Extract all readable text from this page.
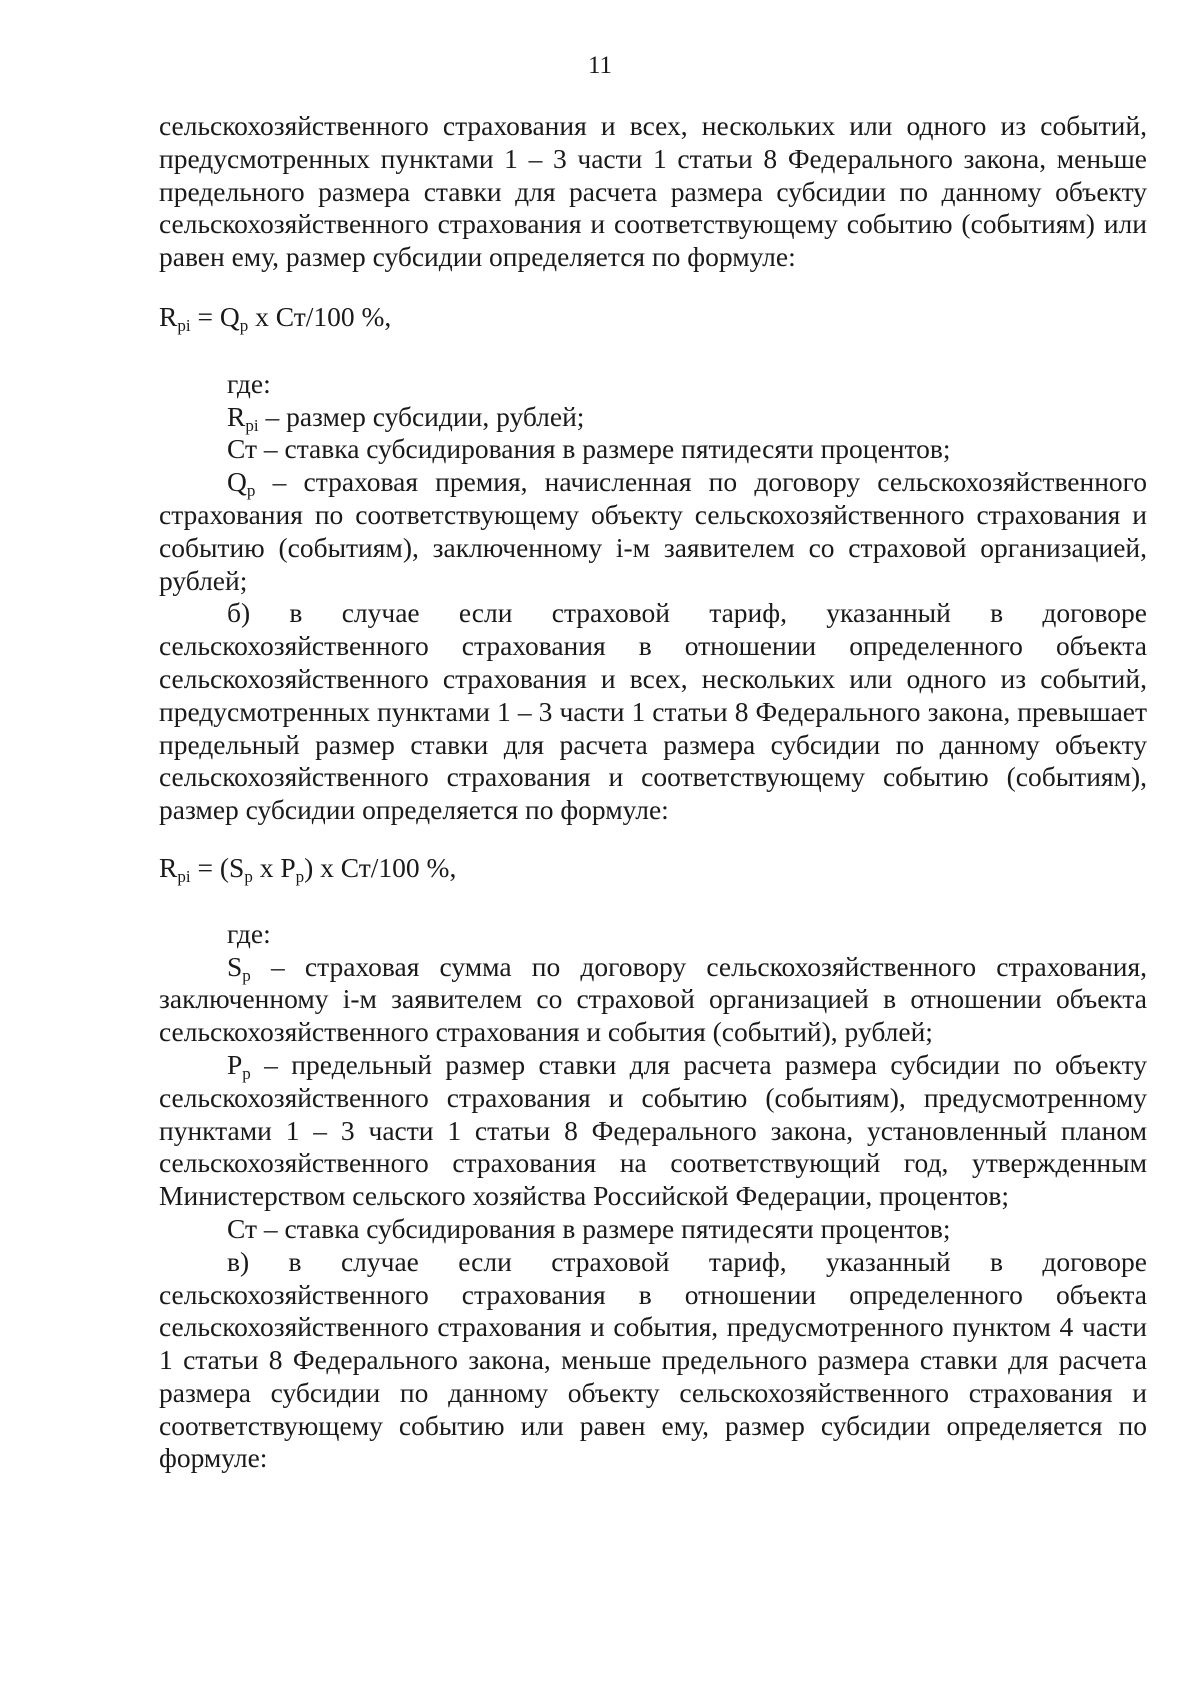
11

сельскохозяйственного страхования и всех, нескольких или одного из событий, предусмотренных пунктами 1 – 3 части 1 статьи 8 Федерального закона, меньше предельного размера ставки для расчета размера субсидии по данному объекту сельскохозяйственного страхования и соответствующему событию (событиям) или равен ему, размер субсидии определяется по формуле:

$R_{pi} = Q_p$ x Ст/100 %,

где:

$R_{pi}$ – размер субсидии, рублей;

Ст – ставка субсидирования в размере пятидесяти процентов;

$Q_p$ – страховая премия, начисленная по договору сельскохозяйственного страхования по соответствующему объекту сельскохозяйственного страхования и событию (событиям), заключенному i-м заявителем со страховой организацией, рублей;

б) в случае если страховой тариф, указанный в договоре сельскохозяйственного страхования в отношении определенного объекта сельскохозяйственного страхования и всех, нескольких или одного из событий, предусмотренных пунктами 1 – 3 части 1 статьи 8 Федерального закона, превышает предельный размер ставки для расчета размера субсидии по данному объекту сельскохозяйственного страхования и соответствующему событию (событиям), размер субсидии определяется по формуле:

$R_{pi} = (S_p$ x $P_p$) x Ст/100 %,

где:

$S_p$ – страховая сумма по договору сельскохозяйственного страхования, заключенному i-м заявителем со страховой организацией в отношении объекта сельскохозяйственного страхования и события (событий), рублей;

$P_p$ – предельный размер ставки для расчета размера субсидии по объекту сельскохозяйственного страхования и событию (событиям), предусмотренному пунктами 1 – 3 части 1 статьи 8 Федерального закона, установленный планом сельскохозяйственного страхования на соответствующий год, утвержденным Министерством сельского хозяйства Российской Федерации, процентов;

Ст – ставка субсидирования в размере пятидесяти процентов;

в) в случае если страховой тариф, указанный в договоре сельскохозяйственного страхования в отношении определенного объекта сельскохозяйственного страхования и события, предусмотренного пунктом 4 части 1 статьи 8 Федерального закона, меньше предельного размера ставки для расчета размера субсидии по данному объекту сельскохозяйственного страхования и соответствующему событию или равен ему, размер субсидии определяется по формуле:
